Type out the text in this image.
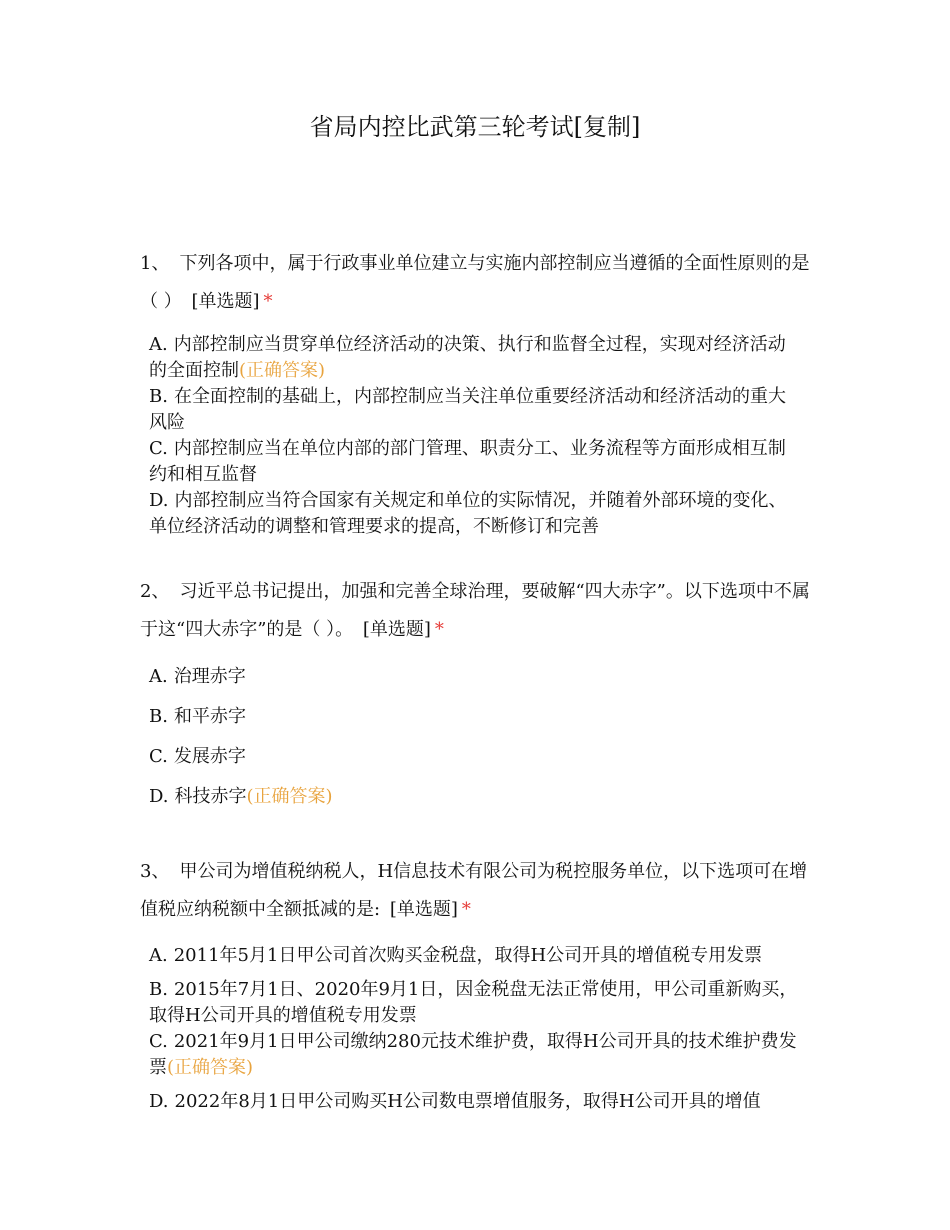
省局内控比武第三轮考试[复制]
1、 下列各项中，属于行政事业单位建立与实施内部控制应当遵循的全面性原则的是 （ ） [单选题] *
A. 内部控制应当贯穿单位经济活动的决策、执行和监督全过程，实现对经济活动的全面控制(正确答案)
B. 在全面控制的基础上，内部控制应当关注单位重要经济活动和经济活动的重大风险
C. 内部控制应当在单位内部的部门管理、职责分工、业务流程等方面形成相互制约和相互监督
D. 内部控制应当符合国家有关规定和单位的实际情况，并随着外部环境的变化、单位经济活动的调整和管理要求的提高，不断修订和完善
2、 习近平总书记提出，加强和完善全球治理，要破解“四大赤字”。以下选项中不属于这“四大赤字”的是（ ）。 [单选题] *
A. 治理赤字
B. 和平赤字
C. 发展赤字
D. 科技赤字(正确答案)
3、 甲公司为增值税纳税人，H信息技术有限公司为税控服务单位，以下选项可在增值税应纳税额中全额抵减的是: [单选题] *
A. 2011年5月1日甲公司首次购买金税盘，取得H公司开具的增值税专用发票
B. 2015年7月1日、2020年9月1日，因金税盘无法正常使用，甲公司重新购买，取得H公司开具的增值税专用发票
C. 2021年9月1日甲公司缴纳280元技术维护费，取得H公司开具的技术维护费发票(正确答案)
D. 2022年8月1日甲公司购买H公司数电票增值服务，取得H公司开具的增值
